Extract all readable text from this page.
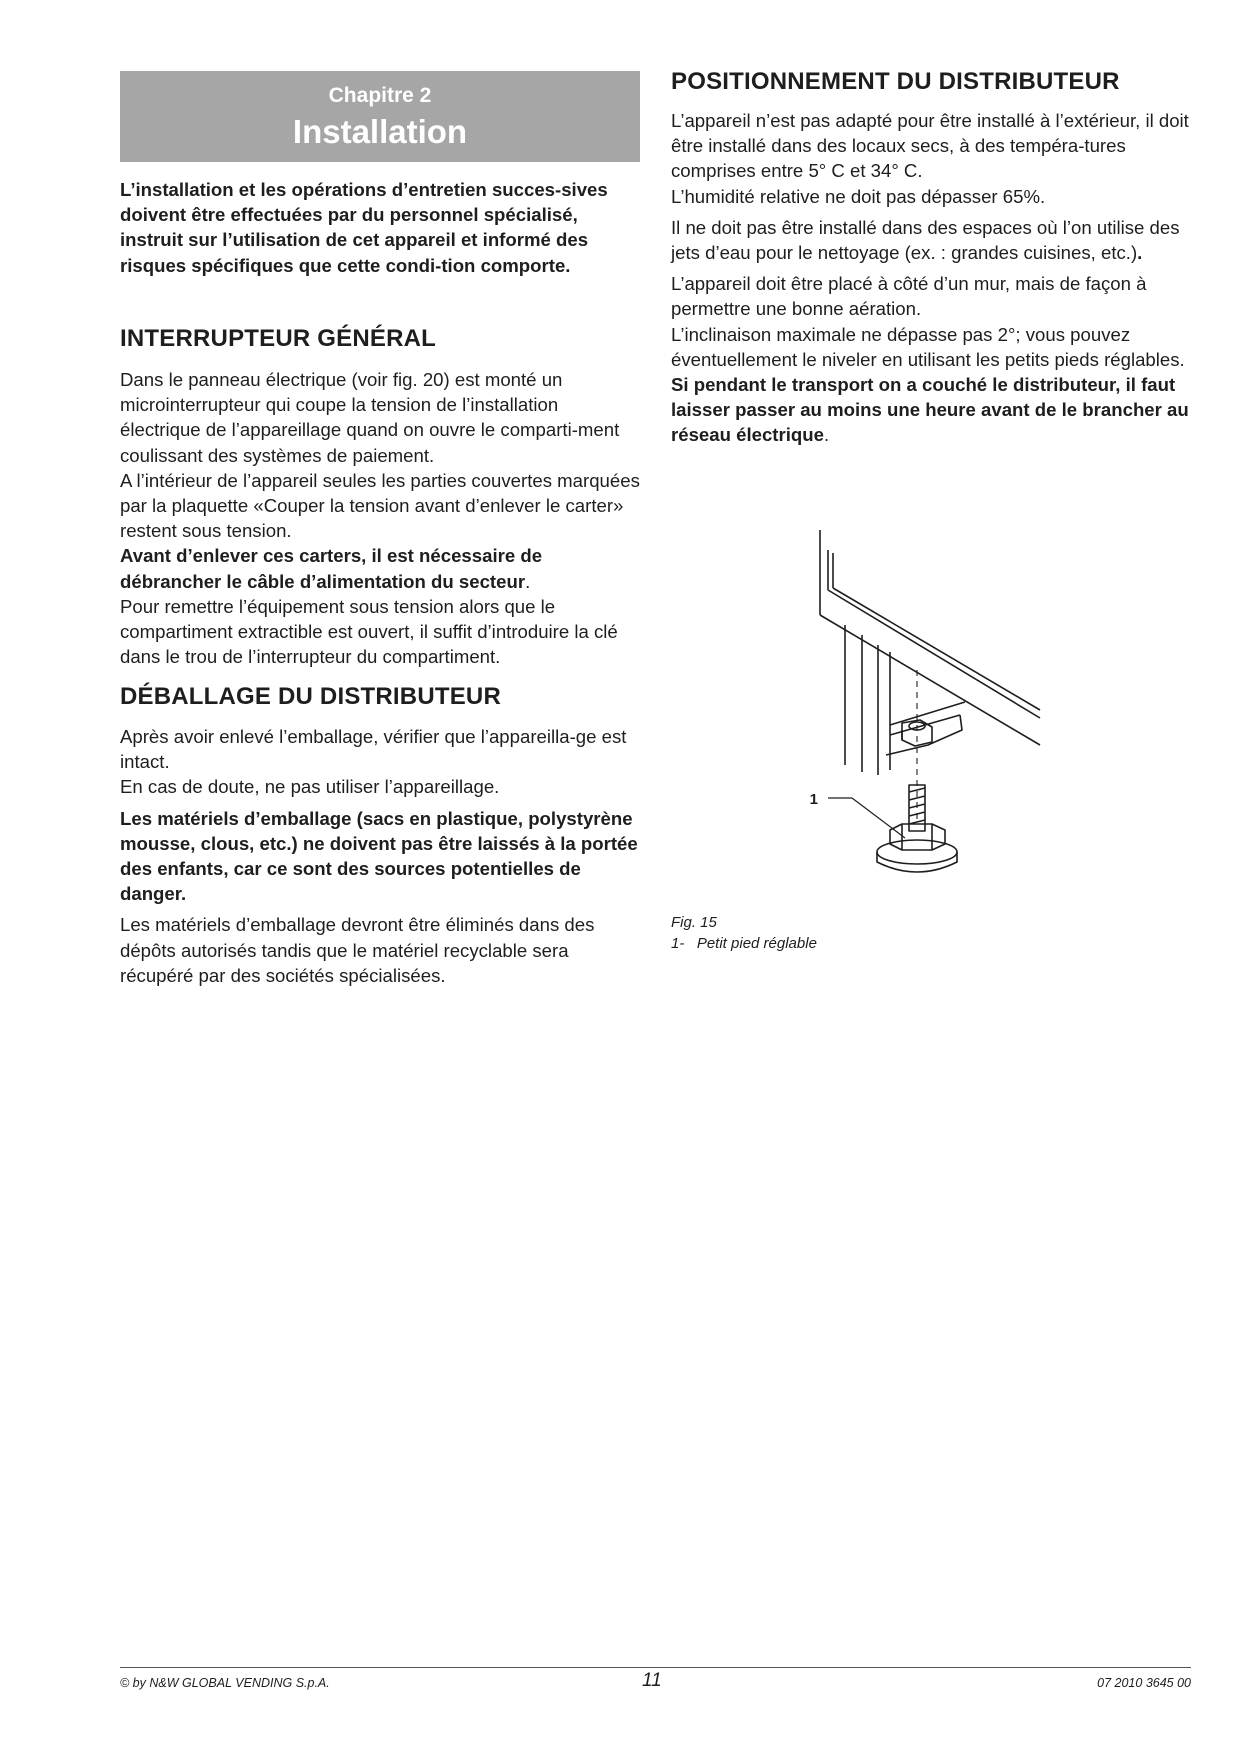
Chapitre 2
Installation

L’installation et les opérations d’entretien succes-sives doivent être effectuées par du personnel spécialisé, instruit sur l’utilisation de cet appareil et informé des risques spécifiques que cette condi-tion comporte.

INTERRUPTEUR GÉNÉRAL

Dans le panneau électrique (voir fig. 20) est monté un microinterrupteur qui coupe la tension de l’installation électrique de l’appareillage quand on ouvre le comparti-ment coulissant des systèmes de paiement.

A l’intérieur de l’appareil seules les parties couvertes marquées par la plaquette «Couper la tension avant d’enlever le carter» restent sous tension.

Avant d’enlever ces carters, il est nécessaire de débrancher le câble d’alimentation du secteur.

Pour remettre l’équipement sous tension alors que le compartiment extractible est ouvert, il suffit d’introduire la clé dans le trou de l’interrupteur du compartiment.

DÉBALLAGE DU DISTRIBUTEUR

Après avoir enlevé l’emballage, vérifier que l’appareilla-ge est intact.

En cas de doute, ne pas utiliser l’appareillage.

Les matériels d’emballage (sacs en plastique, polystyrène mousse, clous, etc.) ne doivent pas être laissés à la portée des enfants, car ce sont des sources potentielles de danger.

Les matériels d’emballage devront être éliminés dans des dépôts autorisés tandis que le matériel recyclable sera récupéré par des sociétés spécialisées.

POSITIONNEMENT DU DISTRIBUTEUR

L’appareil n’est pas adapté pour être installé à l’extérieur, il doit être installé dans des locaux secs, à des tempéra-tures comprises entre 5° C et 34° C.

L’humidité relative ne doit pas dépasser 65%.

Il ne doit pas être installé dans des espaces où l’on utilise des jets d’eau pour le nettoyage (ex. : grandes cuisines, etc.).

L’appareil doit être placé à côté d’un mur, mais de façon à permettre une bonne aération.

L’inclinaison maximale ne dépasse pas 2°; vous pouvez éventuellement le niveler en utilisant les petits pieds réglables.

Si pendant le transport on a couché le distributeur, il faut laisser passer au moins une heure avant de le brancher au réseau électrique.

1
Fig. 15
1-   Petit pied réglable
© by N&W GLOBAL VENDING S.p.A.	11	07 2010 3645 00
